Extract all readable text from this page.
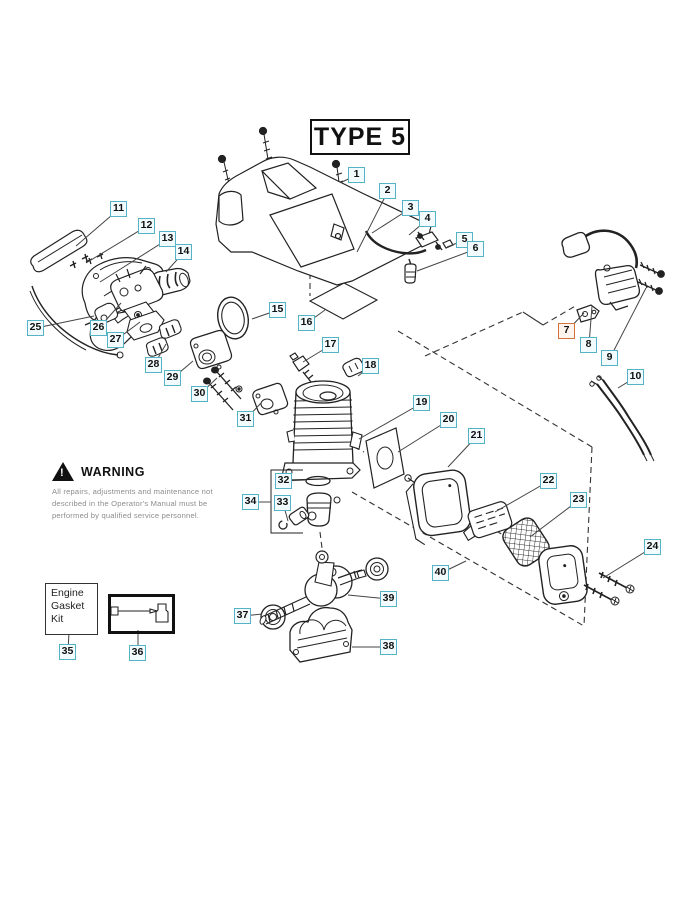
TYPE 5
! WARNING
All repairs, adjustments and maintenance not described in the Operator's Manual must be performed by qualified service personnel.
Engine Gasket Kit
1
2
3
4
5
6
7
8
9
10
11
12
13
14
15
16
17
18
19
20
21
22
23
24
25	26
27
28
29
30
31
32
33
34
35	36
37
38
39
40
